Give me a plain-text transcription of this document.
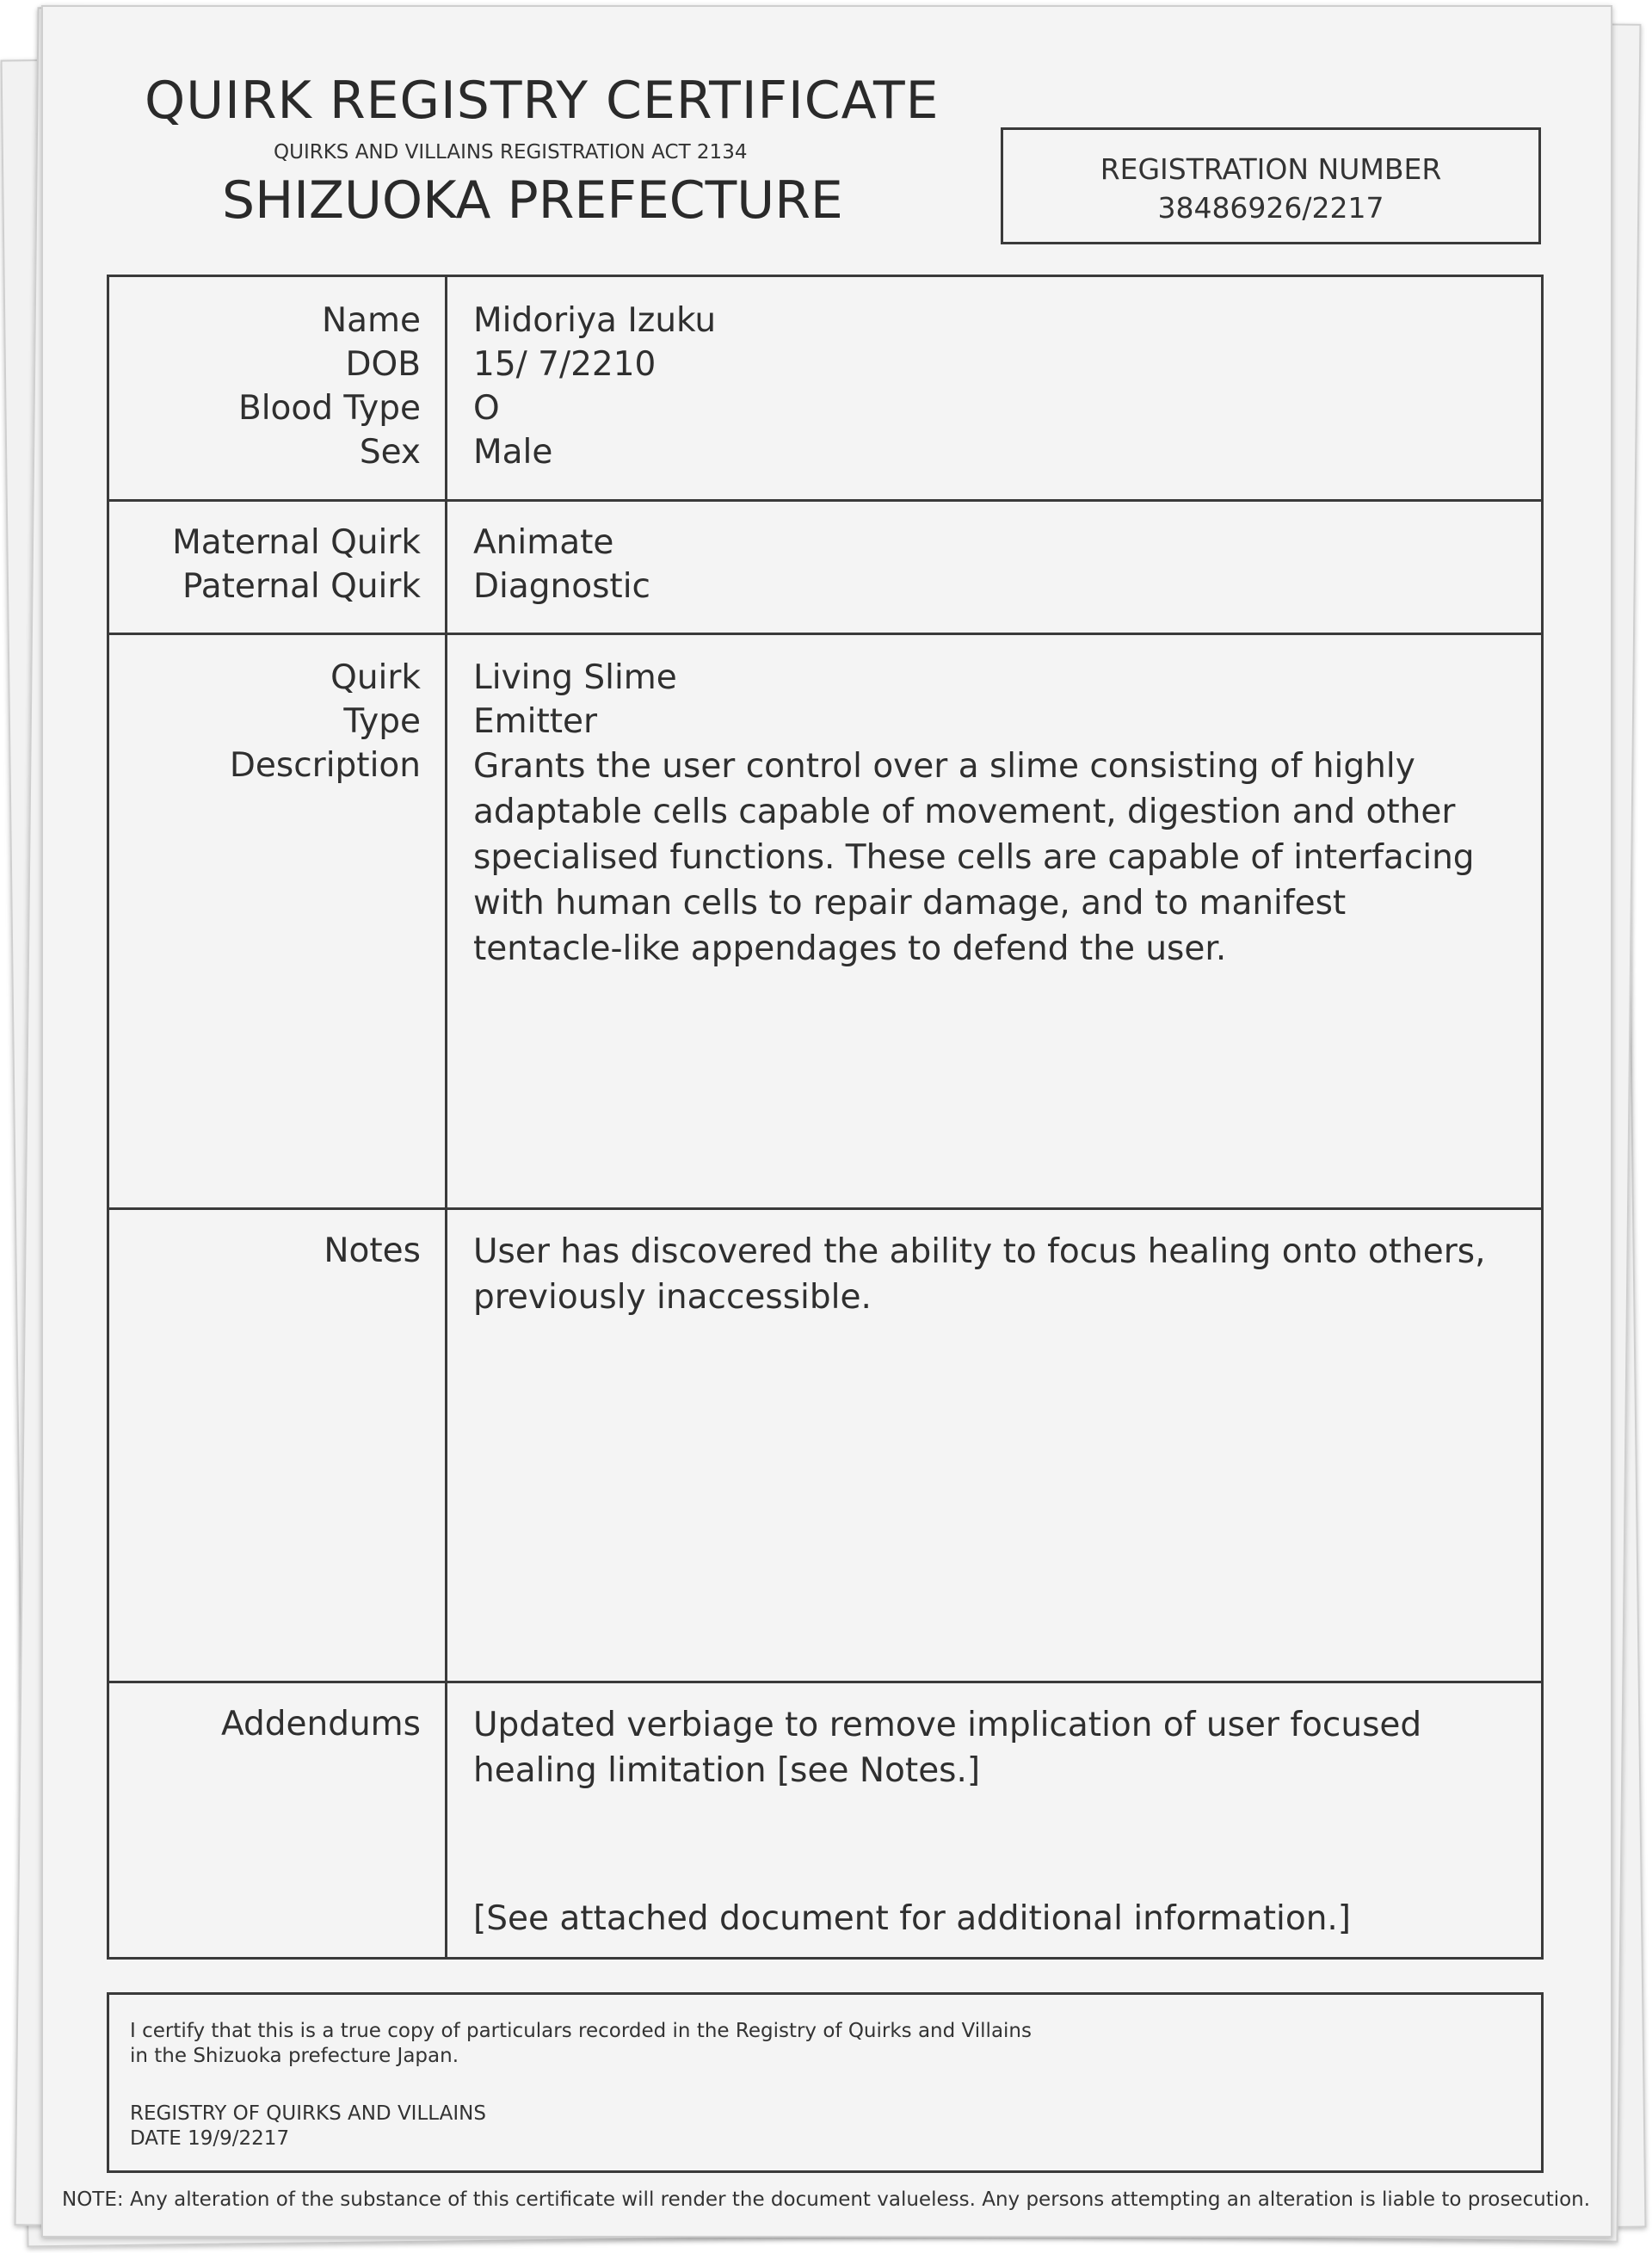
QUIRK REGISTRY CERTIFICATE
QUIRKS AND VILLAINS REGISTRATION ACT 2134
SHIZUOKA PREFECTURE
REGISTRATION NUMBER
38486926/2217
Name
DOB
Blood Type
Sex
Midoriya Izuku
15/ 7/2210
O
Male
Maternal Quirk
Paternal Quirk
Animate
Diagnostic
Quirk
Type
Description
Living Slime
Emitter
Grants the user control over a slime consisting of highly
adaptable cells capable of movement, digestion and other
specialised functions. These cells are capable of interfacing
with human cells to repair damage, and to manifest
tentacle-like appendages to defend the user.
Notes User has discovered the ability to focus healing onto others,
previously inaccessible.
Addendums Updated verbiage to remove implication of user focused
healing limitation [see Notes.]
[See attached document for additional information.]
I certify that this is a true copy of particulars recorded in the Registry of Quirks and Villains
in the Shizuoka prefecture Japan.
REGISTRY OF QUIRKS AND VILLAINS
DATE 19/9/2217
NOTE: Any alteration of the substance of this certificate will render the document valueless. Any persons attempting an alteration is liable to prosecution.
